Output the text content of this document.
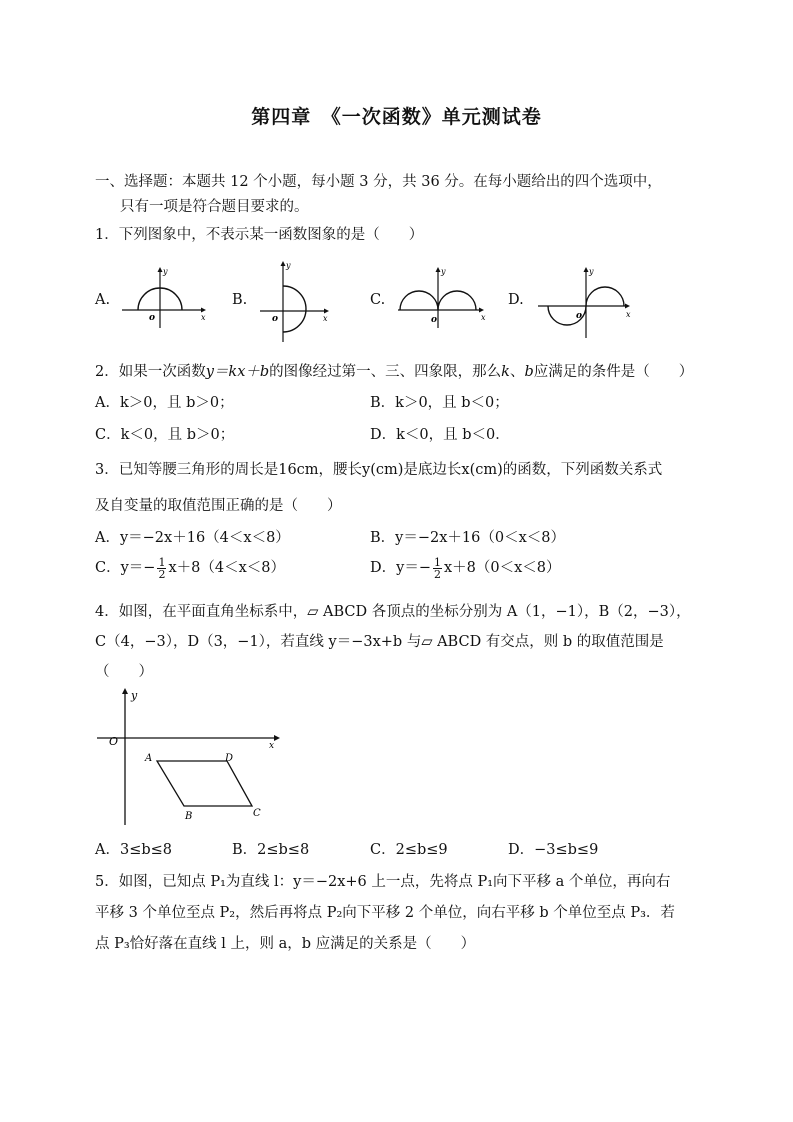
第四章　《一次函数》单元测试卷
一、选择题：本题共 12 个小题，每小题 3 分，共 36 分。在每小题给出的四个选项中，
只有一项是符合题目要求的。
1．下列图象中，不表示某一函数图象的是（　　）
A.	B.	C.	D.
y
x
o
y
x
o
y
x
o
y
x
o
2．如果一次函数y＝kx＋b的图像经过第一、三、四象限，那么k、b应满足的条件是（　　）
A．k＞0，且 b＞0；	B．k＞0，且 b＜0；
C．k＜0，且 b＞0；	D．k＜0，且 b＜0．
3．已知等腰三角形的周长是16cm，腰长y(cm)是底边长x(cm)的函数，下列函数关系式
及自变量的取值范围正确的是（　　）
A．y＝−2x＋16（4＜x＜8）	B．y＝−2x＋16（0＜x＜8）
C．$y=- \frac{1}{2} x+8(4<x<8)$	D．$y=- \frac{1}{2} x+8(0<x<8)$
4．如图，在平面直角坐标系中，▱ ABCD 各顶点的坐标分别为 A（1，−1），B（2，−3），
C（4，−3），D（3，−1），若直线 y＝−3x+b 与▱ ABCD 有交点，则 b 的取值范围是
（　　）
y
x
O
A
B	C
D
A．3≤b≤8	B．2≤b≤8	C．2≤b≤9	D．−3≤b≤9
5．如图，已知点 P₁为直线 l：y＝−2x+6 上一点，先将点 P₁向下平移 a 个单位，再向右
平移 3 个单位至点 P₂，然后再将点 P₂向下平移 2 个单位，向右平移 b 个单位至点 P₃．若
点 P₃恰好落在直线 l 上，则 a，b 应满足的关系是（　　）
